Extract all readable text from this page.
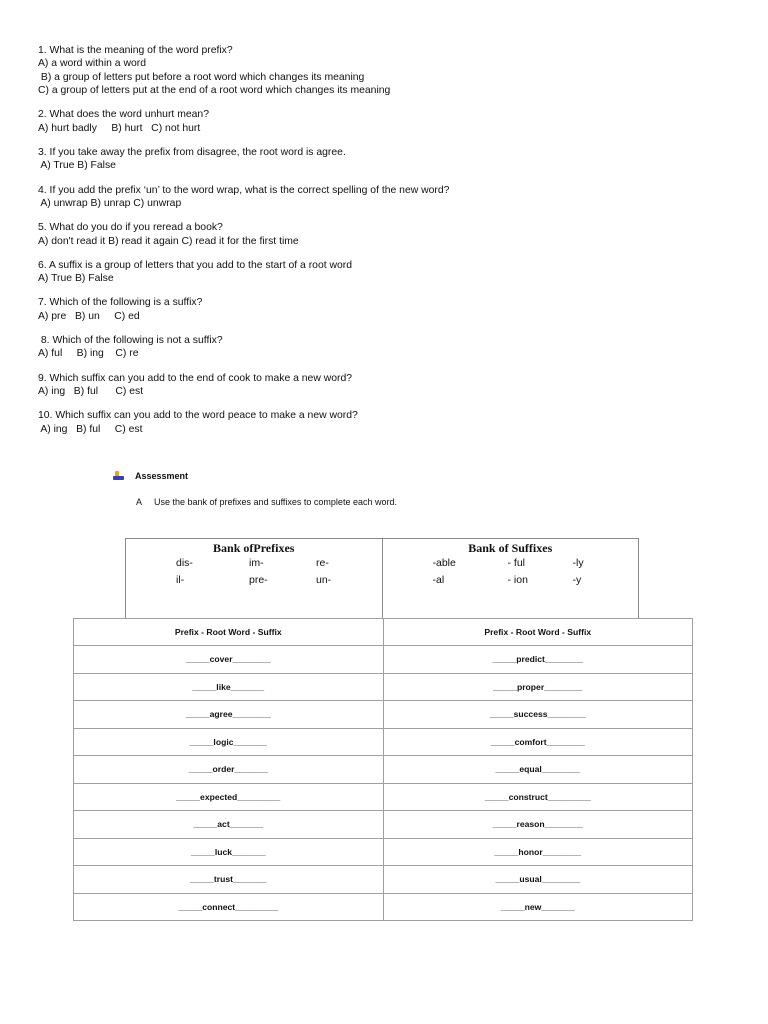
1. What is the meaning of the word prefix?

A) a word within a word

B) a group of letters put before a root word which changes its meaning

C) a group of letters put at the end of a root word which changes its meaning

2. What does the word unhurt mean?

A) hurt badly     B) hurt   C) not hurt

3. If you take away the prefix from disagree, the root word is agree.

A) True B) False

4. If you add the prefix ‘un’ to the word wrap, what is the correct spelling of the new word?

A) unwrap B) unrap C) unwrap

5. What do you do if you reread a book?

A) don't read it B) read it again C) read it for the first time

6. A suffix is a group of letters that you add to the start of a root word

A) True B) False

7. Which of the following is a suffix?

A) pre   B) un     C) ed

8. Which of the following is not a suffix?

A) ful     B) ing    C) re

9. Which suffix can you add to the end of cook to make a new word?

A) ing   B) ful      C) est

10. Which suffix can you add to the word peace to make a new word?

A) ing   B) ful     C) est

Assessment
A	Use the bank of prefixes and suffixes to complete each word.
Bank ofPrefixes
dis-	im-	re-
il-	pre-	un-
Bank of Suffixes
-able	- ful	-ly
-al	- ion	-y
Prefix - Root Word - Suffix	Prefix - Root Word - Suffix
_____cover________	_____predict________
_____like_______	_____proper________
_____agree________	_____success________
_____logic_______	_____comfort________
_____order_______	_____equal________
_____expected_________	_____construct_________
_____act_______	_____reason________
_____luck_______	_____honor________
_____trust_______	_____usual________
_____connect_________	_____new_______
